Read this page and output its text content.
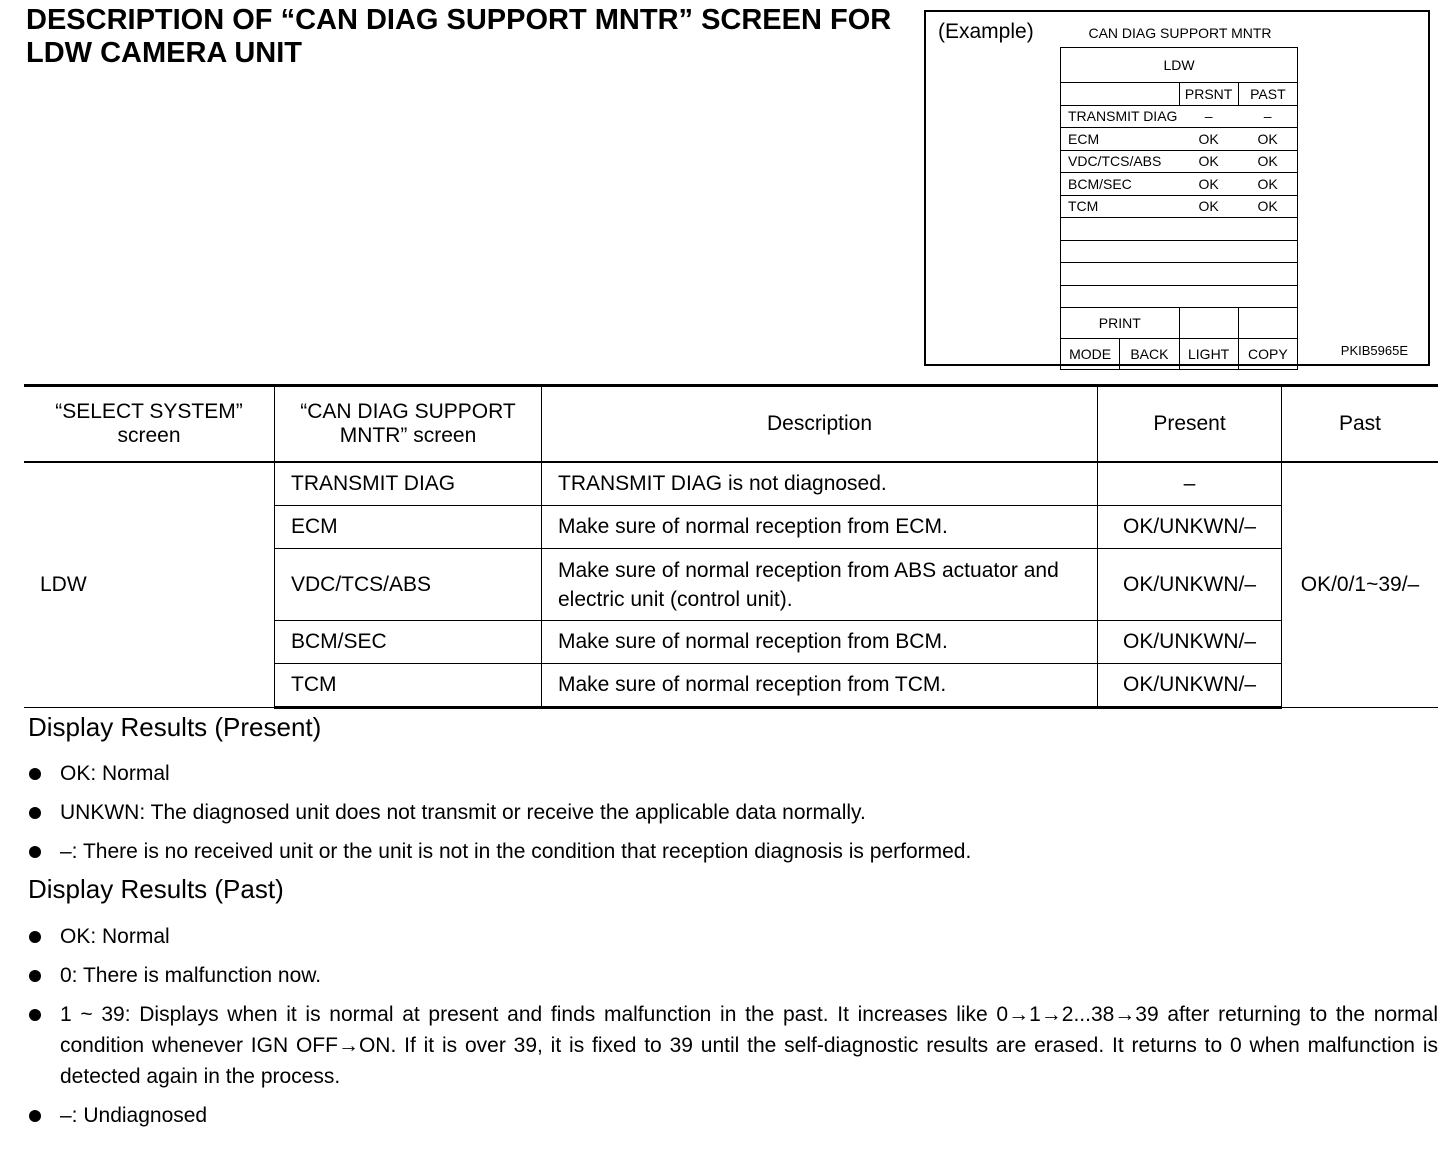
DESCRIPTION OF “CAN DIAG SUPPORT MNTR” SCREEN FOR LDW CAMERA UNIT
(Example)	CAN DIAG SUPPORT MNTR
LDW		
	PRSNT	PAST
TRANSMIT DIAG	–	–
ECM	OK	OK
VDC/TCS/ABS	OK	OK
BCM/SEC	OK	OK
TCM	OK	OK

PRINT			
MODE	BACK	LIGHT	COPY	PKIB5965E
“SELECT SYSTEM” screen	“CAN DIAG SUPPORT MNTR” screen	Description	Present	Past
LDW	TRANSMIT DIAG	TRANSMIT DIAG is not diagnosed.	–	OK/0/1~39/–
	ECM	Make sure of normal reception from ECM.	OK/UNKWN/–	
	VDC/TCS/ABS	Make sure of normal reception from ABS actuator and electric unit (control unit).	OK/UNKWN/–	
	BCM/SEC	Make sure of normal reception from BCM.	OK/UNKWN/–	
	TCM	Make sure of normal reception from TCM.	OK/UNKWN/–	
Display Results (Present)
OK: Normal
UNKWN: The diagnosed unit does not transmit or receive the applicable data normally.
–: There is no received unit or the unit is not in the condition that reception diagnosis is performed.
Display Results (Past)
OK: Normal
0: There is malfunction now.
1 ~ 39: Displays when it is normal at present and finds malfunction in the past. It increases like 0→1→2...38→39 after returning to the normal condition whenever IGN OFF→ON. If it is over 39, it is fixed to 39 until the self-diagnostic results are erased. It returns to 0 when malfunction is detected again in the process.
–: Undiagnosed
